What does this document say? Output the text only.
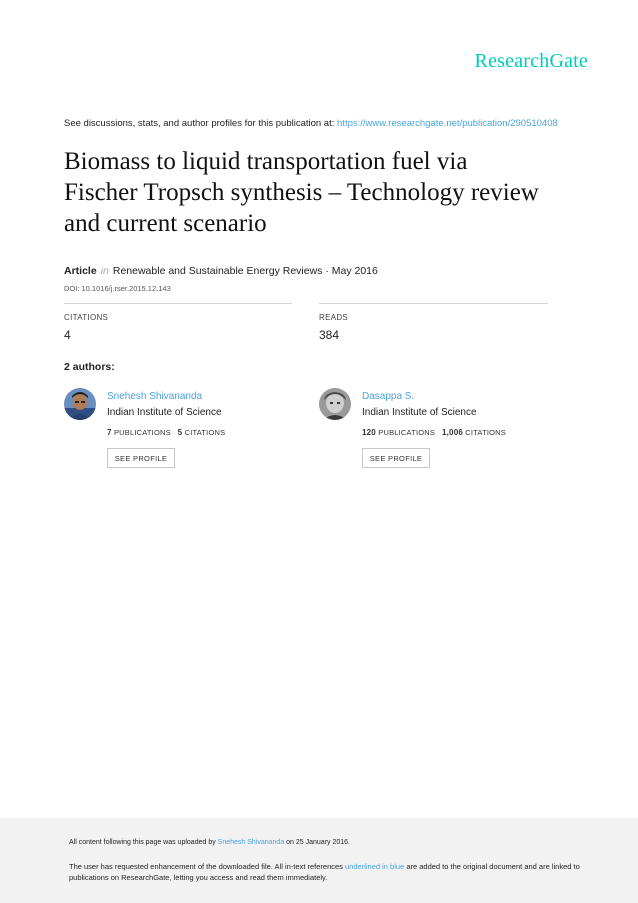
ResearchGate
See discussions, stats, and author profiles for this publication at: https://www.researchgate.net/publication/290510408
Biomass to liquid transportation fuel via
Fischer Tropsch synthesis – Technology review
and current scenario
Article in Renewable and Sustainable Energy Reviews · May 2016
DOI: 10.1016/j.rser.2015.12.143
CITATIONS
4
READS
384
2 authors:
Snehesh Shivananda
Indian Institute of Science
7 PUBLICATIONS 5 CITATIONS
SEE PROFILE
Dasappa S.
Indian Institute of Science
120 PUBLICATIONS 1,006 CITATIONS
SEE PROFILE
All content following this page was uploaded by Snehesh Shivananda on 25 January 2016.
The user has requested enhancement of the downloaded file. All in-text references underlined in blue are added to the original document and are linked to publications on ResearchGate, letting you access and read them immediately.
